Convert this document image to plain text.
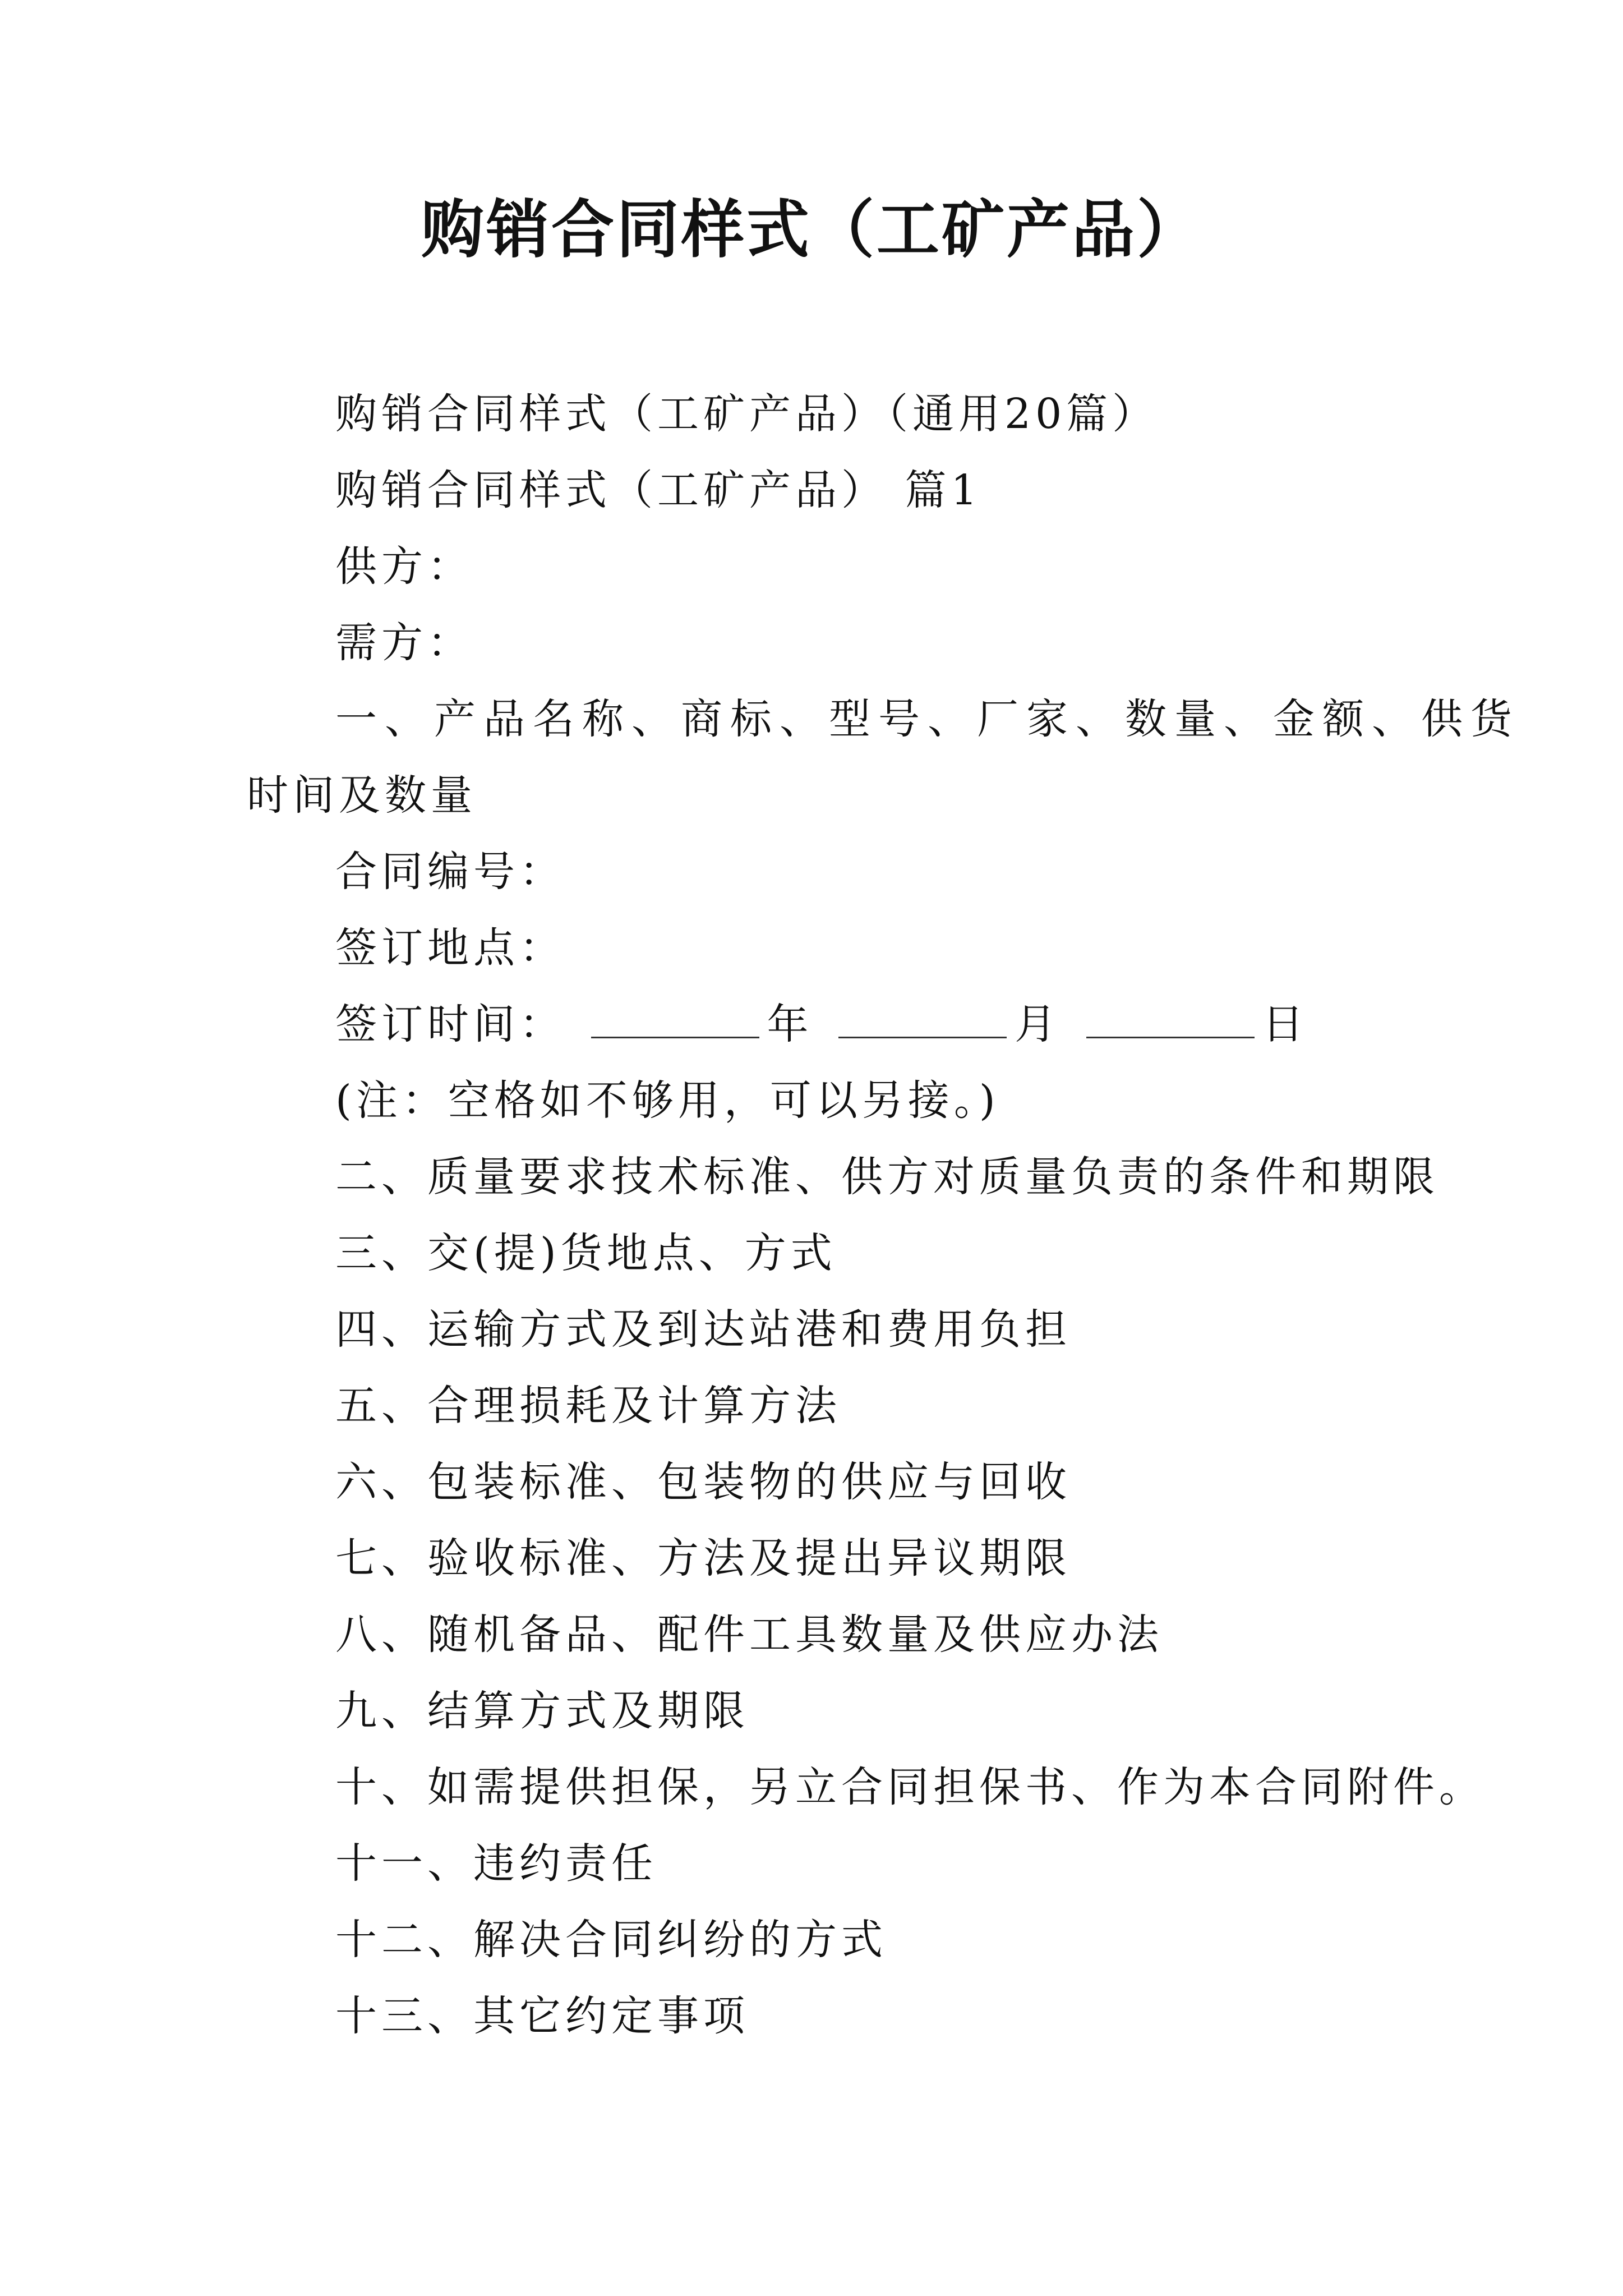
购销合同样式（工矿产品）
购销合同样式（工矿产品）（通用20篇）
购销合同样式（工矿产品） 篇1
供方：
需方：
一、产品名称、商标、型号、厂家、数量、金额、供货
时间及数量
合同编号：
签订地点：
签订时间：	年	月	日
(注：空格如不够用，可以另接。)
二、质量要求技术标准、供方对质量负责的条件和期限
三、交(提)货地点、方式
四、运输方式及到达站港和费用负担
五、合理损耗及计算方法
六、包装标准、包装物的供应与回收
七、验收标准、方法及提出异议期限
八、随机备品、配件工具数量及供应办法
九、结算方式及期限
十、如需提供担保，另立合同担保书、作为本合同附件。
十一、违约责任
十二、解决合同纠纷的方式
十三、其它约定事项
